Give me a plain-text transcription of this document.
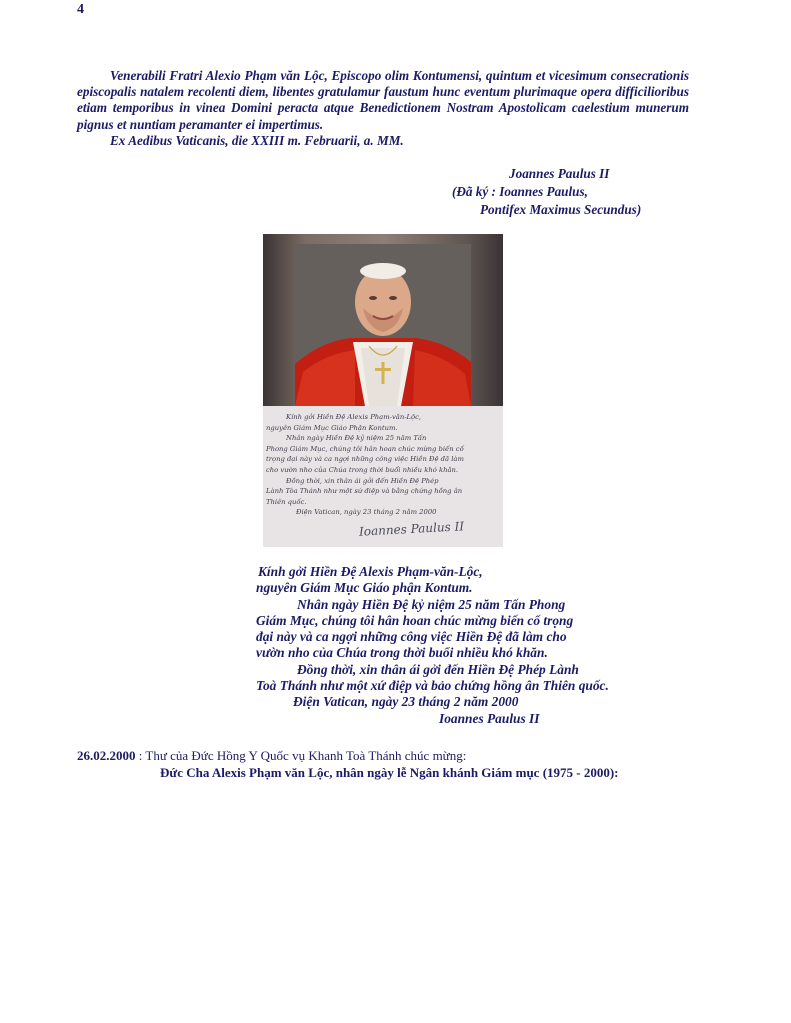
4

Venerabili Fratri Alexio Phạm văn Lộc, Episcopo olim Kontumensi, quintum et vicesimum consecrationis episcopalis natalem recolenti diem, libentes gratulamur faustum hunc eventum plurimaque opera difficilioribus etiam temporibus in vinea Domini peracta atque Benedictionem Nostram Apostolicam caelestium munerum pignus et nuntiam peramanter ei impertimus.

Ex Aedibus Vaticanis, die XXIII m. Februarii, a. MM.

Joannes Paulus II
(Đã ký : Ioannes Paulus,
Pontifex Maximus Secundus)
Kính gởi Hiền Đệ Alexis Phạm-văn-Lộc,
nguyên Giám Mục Giáo Phận Kontum.
Nhân ngày Hiền Đệ kỷ niệm 25 năm Tấn
Phong Giám Mục, chúng tôi hân hoan chúc mừng biến cố
trọng đại này và ca ngợi những công việc Hiền Đệ đã làm
cho vườn nho của Chúa trong thời buổi nhiều khó khăn.
Đồng thời, xin thân ái gởi đến Hiền Đệ Phép
Lành Tòa Thánh như một sứ điệp và bằng chứng hồng ân
Thiên quốc.
Điện Vatican, ngày 23 tháng 2 năm 2000
Ioannes Paulus II
Kính gởi Hiền Đệ Alexis Phạm-văn-Lộc,
nguyên Giám Mục Giáo phận Kontum.
Nhân ngày Hiền Đệ kỷ niệm 25 năm Tấn Phong
Giám Mục, chúng tôi hân hoan chúc mừng biến cố trọng
đại này và ca ngợi những công việc Hiền Đệ đã làm cho
vườn nho của Chúa trong thời buổi nhiều khó khăn.
Đồng thời, xin thân ái gởi đến Hiền Đệ Phép Lành
Toà Thánh như một xứ điệp và bảo chứng hồng ân Thiên quốc.
Điện Vatican, ngày 23 tháng 2 năm 2000
Ioannes Paulus II
26.02.2000 : Thư của Đức Hồng Y Quốc vụ Khanh Toà Thánh chúc mừng:
Đức Cha Alexis Phạm văn Lộc, nhân ngày lễ Ngân khánh Giám mục (1975 - 2000):
